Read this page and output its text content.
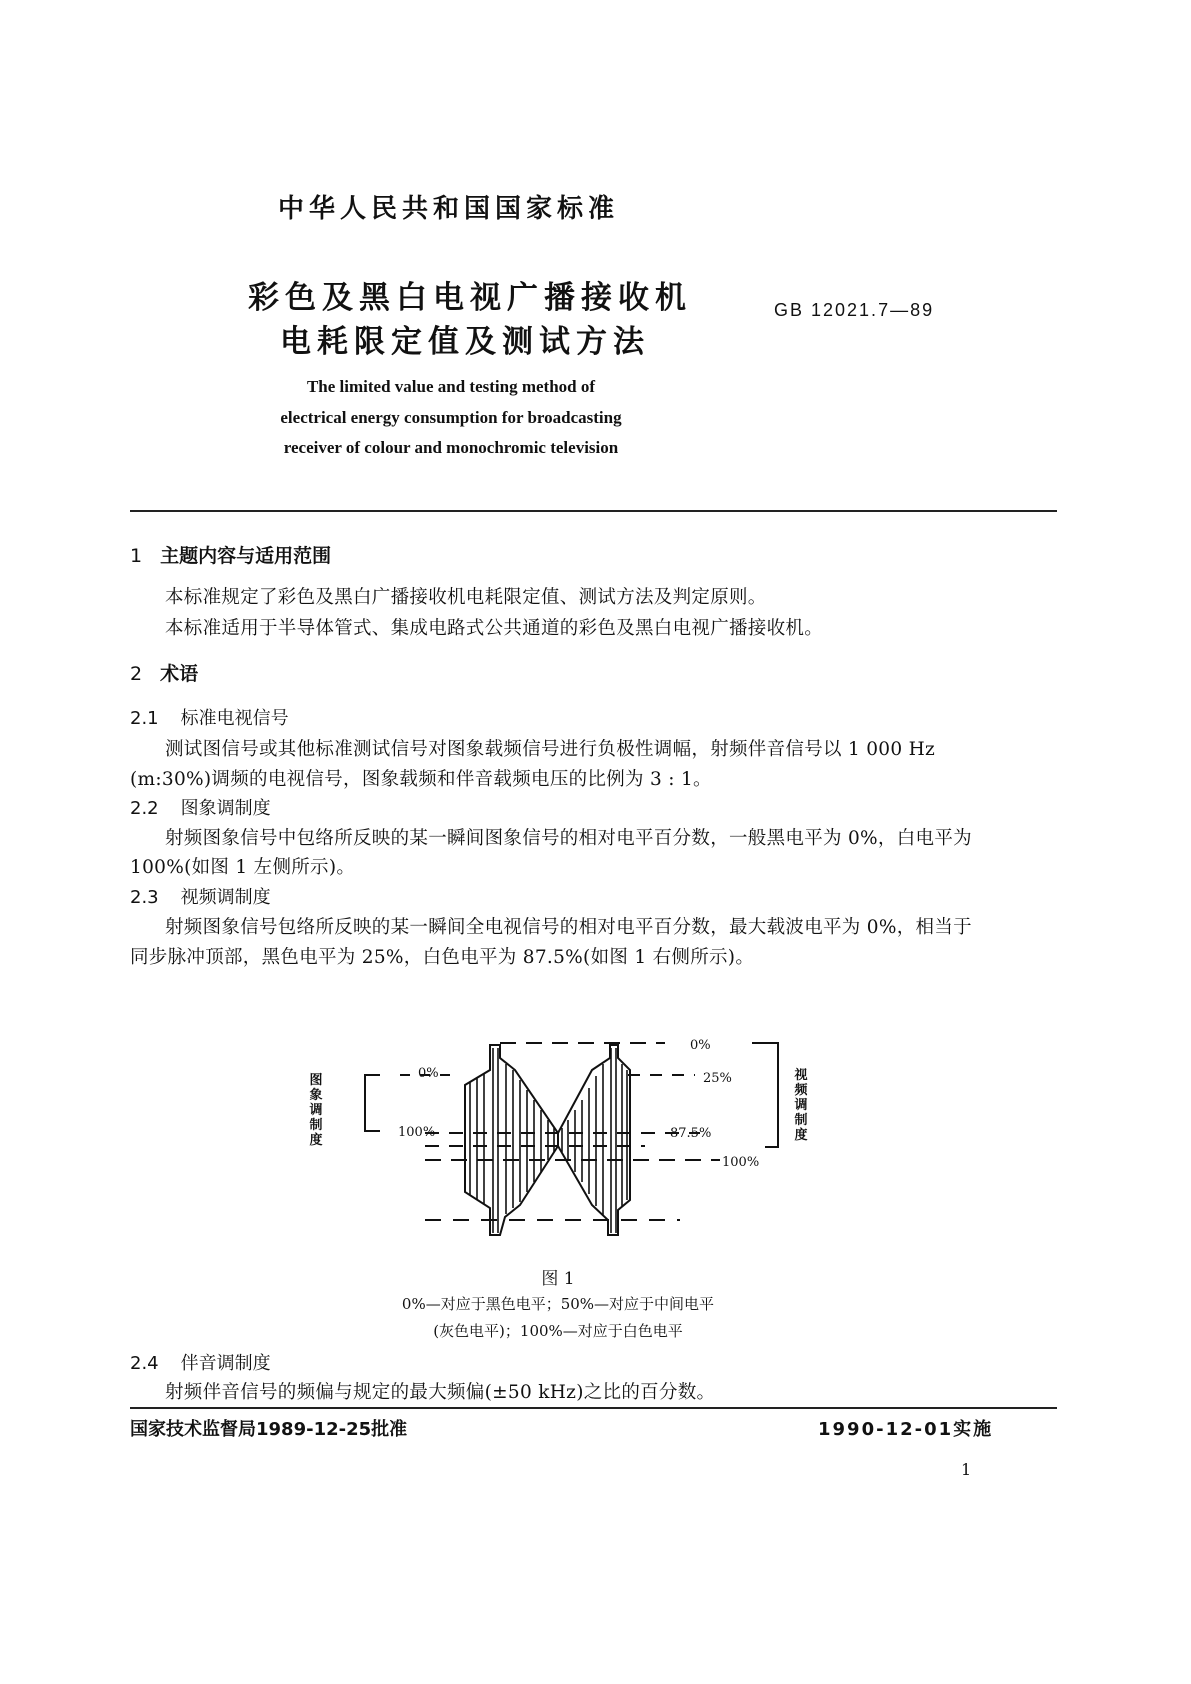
中华人民共和国国家标准
彩色及黑白电视广播接收机
电耗限定值及测试方法
GB 12021.7—89
The limited value and testing method of
electrical energy consumption for broadcasting
receiver of colour and monochromic television
1 主题内容与适用范围
本标准规定了彩色及黑白广播接收机电耗限定值、测试方法及判定原则。
本标准适用于半导体管式、集成电路式公共通道的彩色及黑白电视广播接收机。
2 术语
2.1 标准电视信号
测试图信号或其他标准测试信号对图象载频信号进行负极性调幅，射频伴音信号以 1 000 Hz
(m:30%)调频的电视信号，图象载频和伴音载频电压的比例为 3 : 1。
2.2 图象调制度
射频图象信号中包络所反映的某一瞬间图象信号的相对电平百分数，一般黑电平为 0%，白电平为
100%(如图 1 左侧所示)。
2.3 视频调制度
射频图象信号包络所反映的某一瞬间全电视信号的相对电平百分数，最大载波电平为 0%，相当于
同步脉冲顶部，黑色电平为 25%，白色电平为 87.5%(如图 1 右侧所示)。
图
象
调
制
度
视
频
调
制
度
0%
100%
0%
25%
87.5%
100%
图 1
0%—对应于黑色电平；50%—对应于中间电平
(灰色电平)；100%—对应于白色电平
2.4 伴音调制度
射频伴音信号的频偏与规定的最大频偏(±50 kHz)之比的百分数。
国家技术监督局1989-12-25批准	1990-12-01实施
1
